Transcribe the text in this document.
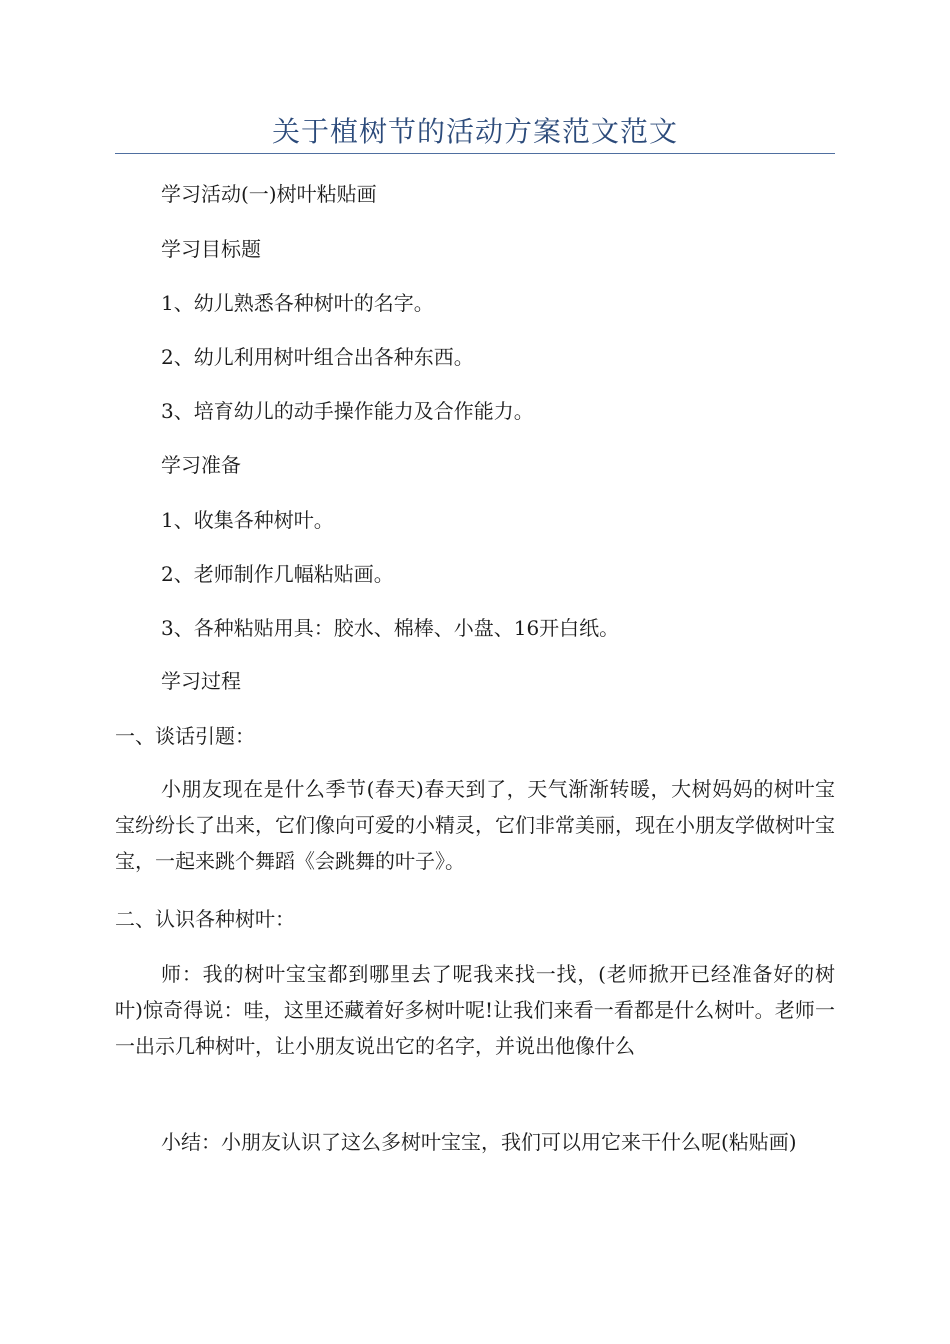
关于植树节的活动方案范文范文

学习活动(一)树叶粘贴画

学习目标题

1、幼儿熟悉各种树叶的名字。

2、幼儿利用树叶组合出各种东西。

3、培育幼儿的动手操作能力及合作能力。

学习准备

1、收集各种树叶。

2、老师制作几幅粘贴画。

3、各种粘贴用具：胶水、棉棒、小盘、16开白纸。

学习过程

一、谈话引题：

小朋友现在是什么季节(春天)春天到了，天气渐渐转暖，大树妈妈的树叶宝宝纷纷长了出来，它们像向可爱的小精灵，它们非常美丽，现在小朋友学做树叶宝宝，一起来跳个舞蹈《会跳舞的叶子》。

二、认识各种树叶：

师：我的树叶宝宝都到哪里去了呢我来找一找，(老师掀开已经准备好的树叶)惊奇得说：哇，这里还藏着好多树叶呢!让我们来看一看都是什么树叶。老师一一出示几种树叶，让小朋友说出它的名字，并说出他像什么

小结：小朋友认识了这么多树叶宝宝，我们可以用它来干什么呢(粘贴画)
